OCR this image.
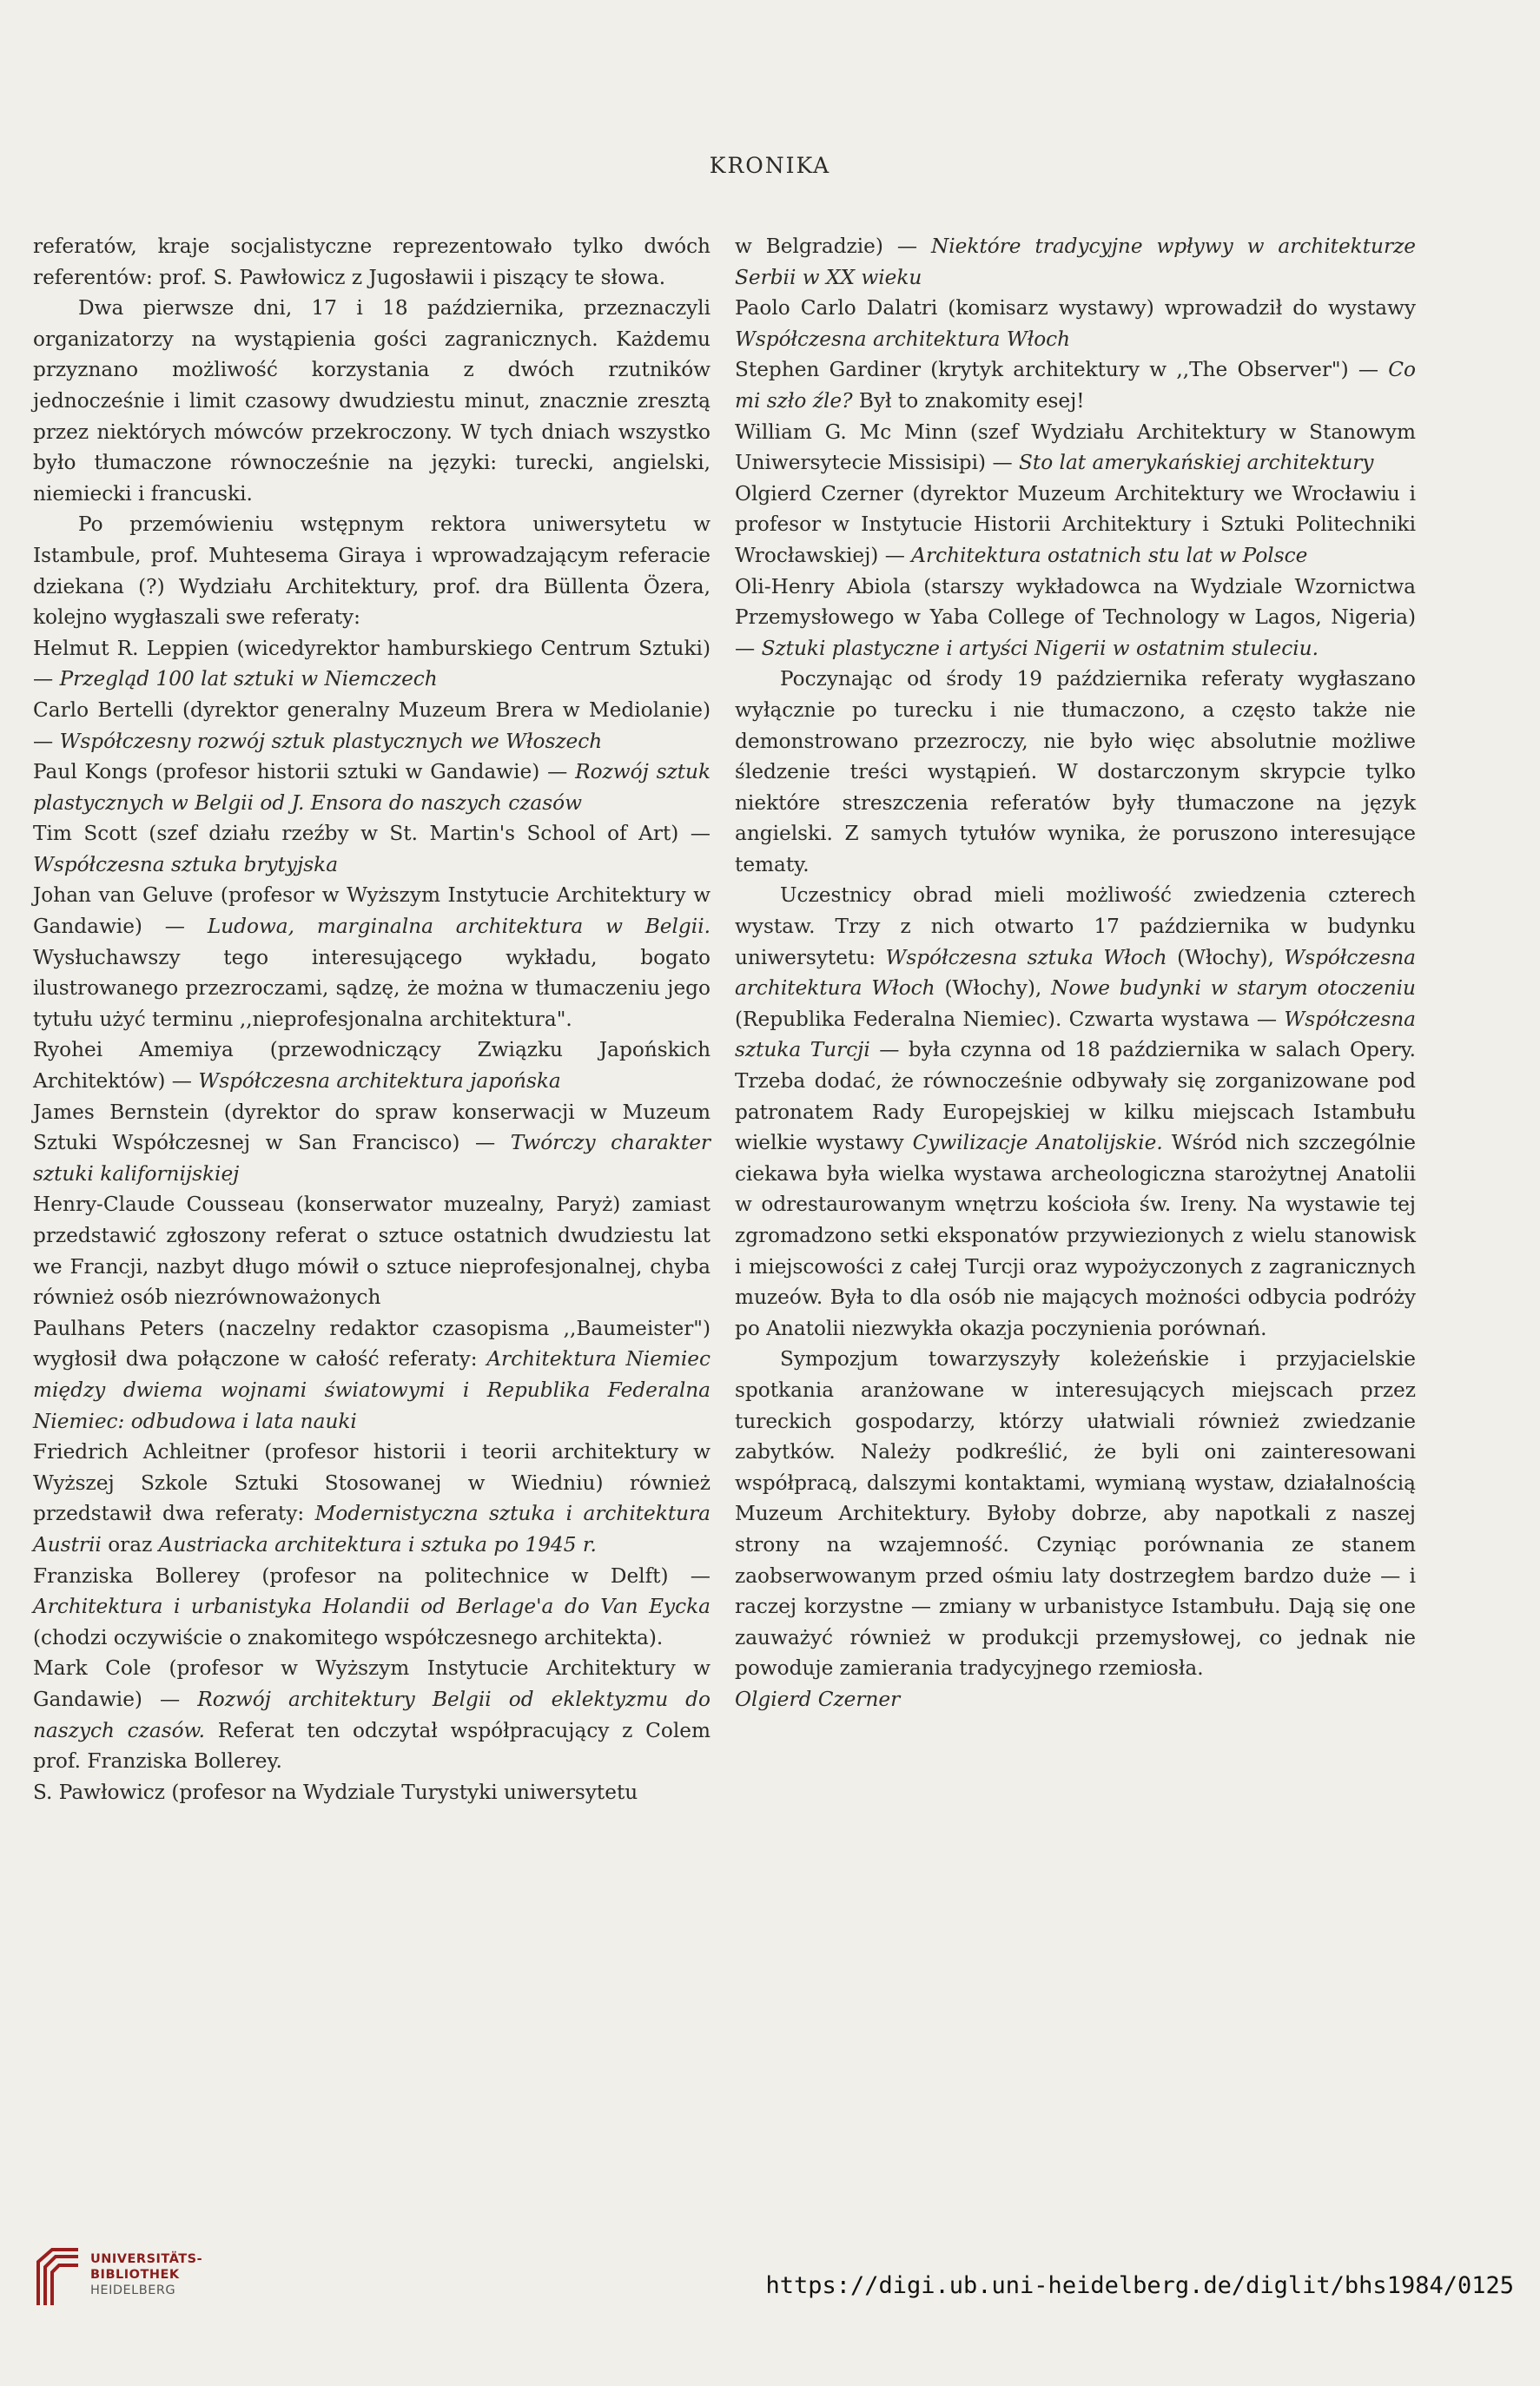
KRONIKA

referatów, kraje socjalistyczne reprezentowało tylko dwóch referentów: prof. S. Pawłowicz z Jugosławii i piszący te słowa.

Dwa pierwsze dni, 17 i 18 października, przeznaczyli organizatorzy na wystąpienia gości zagranicznych. Każdemu przyznano możliwość korzystania z dwóch rzutników jednocześnie i limit czasowy dwudziestu minut, znacznie zresztą przez niektórych mówców przekroczony. W tych dniach wszystko było tłumaczone równocześnie na języki: turecki, angielski, niemiecki i francuski.

Po przemówieniu wstępnym rektora uniwersytetu w Istambule, prof. Muhtesema Giraya i wprowadzającym referacie dziekana (?) Wydziału Architektury, prof. dra Büllenta Özera, kolejno wygłaszali swe referaty:

Helmut R. Leppien (wicedyrektor hamburskiego Centrum Sztuki) — Przegląd 100 lat sztuki w Niemczech

Carlo Bertelli (dyrektor generalny Muzeum Brera w Mediolanie) — Współczesny rozwój sztuk plastycznych we Włoszech

Paul Kongs (profesor historii sztuki w Gandawie) — Rozwój sztuk plastycznych w Belgii od J. Ensora do naszych czasów

Tim Scott (szef działu rzeźby w St. Martin's School of Art) — Współczesna sztuka brytyjska

Johan van Geluve (profesor w Wyższym Instytucie Architektury w Gandawie) — Ludowa, marginalna architektura w Belgii. Wysłuchawszy tego interesującego wykładu, bogato ilustrowanego przezroczami, sądzę, że można w tłumaczeniu jego tytułu użyć terminu ,,nieprofesjonalna architektura".

Ryohei Amemiya (przewodniczący Związku Japońskich Architektów) — Współczesna architektura japońska

James Bernstein (dyrektor do spraw konserwacji w Muzeum Sztuki Współczesnej w San Francisco) — Twórczy charakter sztuki kalifornijskiej

Henry-Claude Cousseau (konserwator muzealny, Paryż) zamiast przedstawić zgłoszony referat o sztuce ostatnich dwudziestu lat we Francji, nazbyt długo mówił o sztuce nieprofesjonalnej, chyba również osób niezrównoważonych

Paulhans Peters (naczelny redaktor czasopisma ,,Baumeister") wygłosił dwa połączone w całość referaty: Architektura Niemiec między dwiema wojnami światowymi i Republika Federalna Niemiec: odbudowa i lata nauki

Friedrich Achleitner (profesor historii i teorii architektury w Wyższej Szkole Sztuki Stosowanej w Wiedniu) również przedstawił dwa referaty: Modernistyczna sztuka i architektura Austrii oraz Austriacka architektura i sztuka po 1945 r.

Franziska Bollerey (profesor na politechnice w Delft) — Architektura i urbanistyka Holandii od Berlage'a do Van Eycka (chodzi oczywiście o znakomitego współczesnego architekta).

Mark Cole (profesor w Wyższym Instytucie Architektury w Gandawie) — Rozwój architektury Belgii od eklektyzmu do naszych czasów. Referat ten odczytał współpracujący z Colem prof. Franziska Bollerey.

S. Pawłowicz (profesor na Wydziale Turystyki uniwersytetu

w Belgradzie) — Niektóre tradycyjne wpływy w architekturze Serbii w XX wieku

Paolo Carlo Dalatri (komisarz wystawy) wprowadził do wystawy Współczesna architektura Włoch

Stephen Gardiner (krytyk architektury w ,,The Observer") — Co mi szło źle? Był to znakomity esej!

William G. Mc Minn (szef Wydziału Architektury w Stanowym Uniwersytecie Missisipi) — Sto lat amerykańskiej architektury

Olgierd Czerner (dyrektor Muzeum Architektury we Wrocławiu i profesor w Instytucie Historii Architektury i Sztuki Politechniki Wrocławskiej) — Architektura ostatnich stu lat w Polsce

Oli-Henry Abiola (starszy wykładowca na Wydziale Wzornictwa Przemysłowego w Yaba College of Technology w Lagos, Nigeria) — Sztuki plastyczne i artyści Nigerii w ostatnim stuleciu.

Poczynając od środy 19 października referaty wygłaszano wyłącznie po turecku i nie tłumaczono, a często także nie demonstrowano przezroczy, nie było więc absolutnie możliwe śledzenie treści wystąpień. W dostarczonym skrypcie tylko niektóre streszczenia referatów były tłumaczone na język angielski. Z samych tytułów wynika, że poruszono interesujące tematy.

Uczestnicy obrad mieli możliwość zwiedzenia czterech wystaw. Trzy z nich otwarto 17 października w budynku uniwersytetu: Współczesna sztuka Włoch (Włochy), Współczesna architektura Włoch (Włochy), Nowe budynki w starym otoczeniu (Republika Federalna Niemiec). Czwarta wystawa — Współczesna sztuka Turcji — była czynna od 18 października w salach Opery. Trzeba dodać, że równocześnie odbywały się zorganizowane pod patronatem Rady Europejskiej w kilku miejscach Istambułu wielkie wystawy Cywilizacje Anatolijskie. Wśród nich szczególnie ciekawa była wielka wystawa archeologiczna starożytnej Anatolii w odrestaurowanym wnętrzu kościoła św. Ireny. Na wystawie tej zgromadzono setki eksponatów przywiezionych z wielu stanowisk i miejscowości z całej Turcji oraz wypożyczonych z zagranicznych muzeów. Była to dla osób nie mających możności odbycia podróży po Anatolii niezwykła okazja poczynienia porównań.

Sympozjum towarzyszyły koleżeńskie i przyjacielskie spotkania aranżowane w interesujących miejscach przez tureckich gospodarzy, którzy ułatwiali również zwiedzanie zabytków. Należy podkreślić, że byli oni zainteresowani współpracą, dalszymi kontaktami, wymianą wystaw, działalnością Muzeum Architektury. Byłoby dobrze, aby napotkali z naszej strony na wzajemność. Czyniąc porównania ze stanem zaobserwowanym przed ośmiu laty dostrzegłem bardzo duże — i raczej korzystne — zmiany w urbanistyce Istambułu. Dają się one zauważyć również w produkcji przemysłowej, co jednak nie powoduje zamierania tradycyjnego rzemiosła.

Olgierd Czerner

UNIVERSITÄTS-
BIBLIOTHEK
HEIDELBERG	https://digi.ub.uni-heidelberg.de/diglit/bhs1984/0125
